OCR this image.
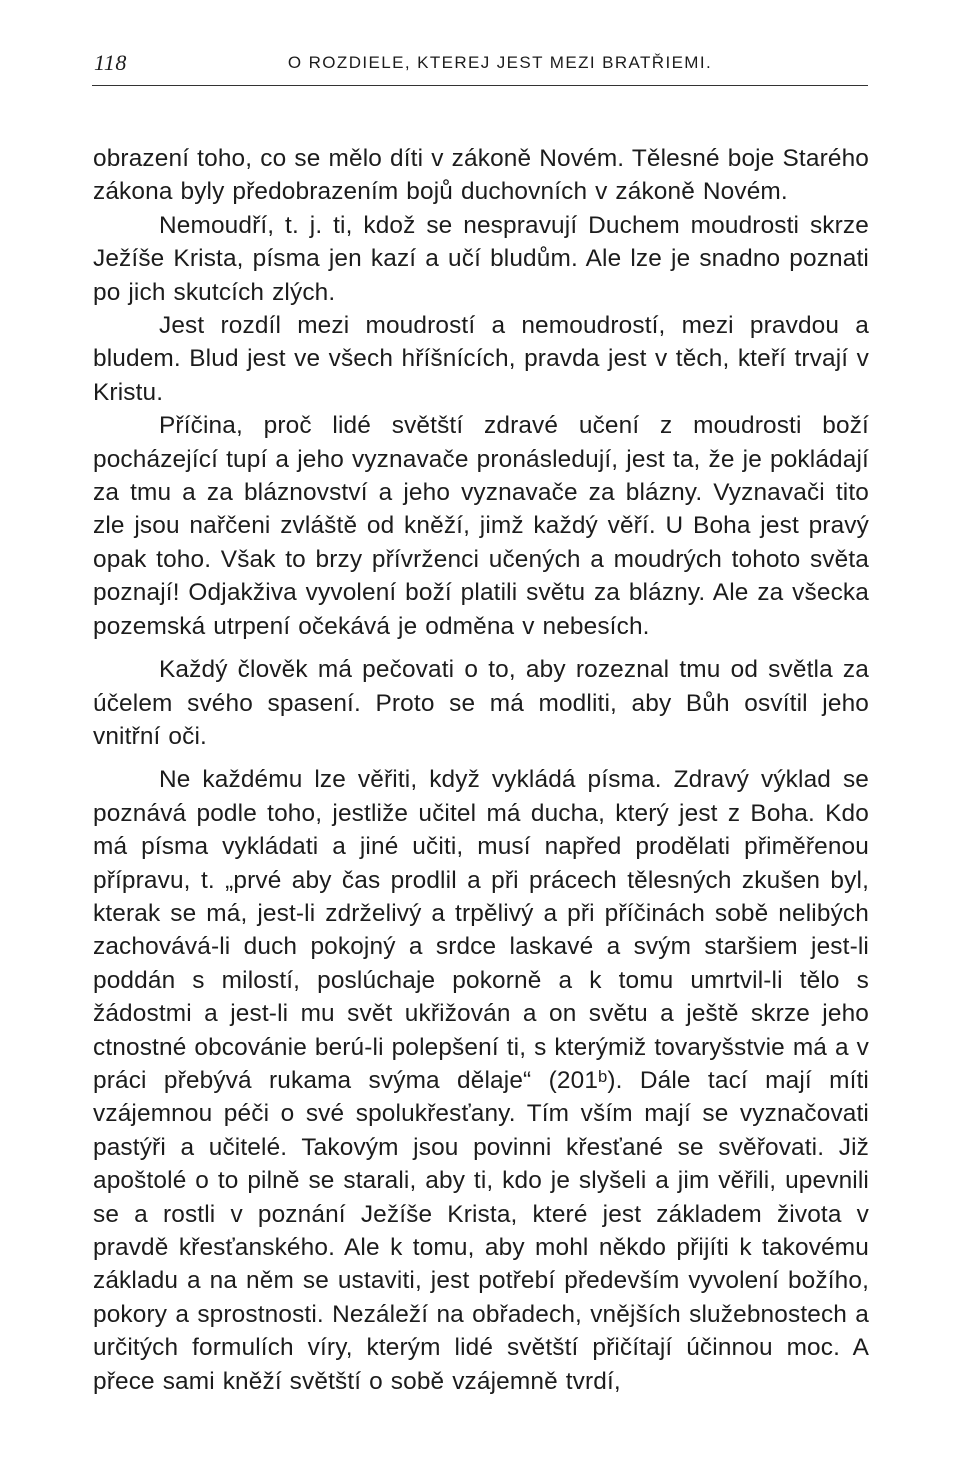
118	O ROZDIELE, KTEREJ JEST MEZI BRATŘIEMI.

obrazení toho, co se mělo díti v zákoně Novém. Tělesné boje Starého zákona byly předobrazením bojů duchovních v zákoně Novém.

Nemoudří, t. j. ti, kdož se nespravují Duchem moudrosti skrze Ježíše Krista, písma jen kazí a učí bludům. Ale lze je snadno poznati po jich skutcích zlých.

Jest rozdíl mezi moudrostí a nemoudrostí, mezi pravdou a bludem. Blud jest ve všech hříšnících, pravda jest v těch, kteří trvají v Kristu.

Příčina, proč lidé světští zdravé učení z moudrosti boží pocházející tupí a jeho vyznavače pronásledují, jest ta, že je pokládají za tmu a za bláznovství a jeho vyznavače za blázny. Vyznavači tito zle jsou nařčeni zvláště od kněží, jimž každý věří. U Boha jest pravý opak toho. Však to brzy přívrženci učených a moudrých tohoto světa poznají! Odjakživa vyvolení boží platili světu za blázny. Ale za všecka pozemská utrpení očekává je odměna v nebesích.

Každý člověk má pečovati o to, aby rozeznal tmu od světla za účelem svého spasení. Proto se má modliti, aby Bůh osvítil jeho vnitřní oči.

Ne každému lze věřiti, když vykládá písma. Zdravý výklad se poznává podle toho, jestliže učitel má ducha, který jest z Boha. Kdo má písma vykládati a jiné učiti, musí napřed prodělati přiměřenou přípravu, t. „prvé aby čas prodlil a při prácech tělesných zkušen byl, kterak se má, jest-li zdrželivý a trpělivý a při příčinách sobě nelibých zachovává-li duch pokojný a srdce laskavé a svým staršiem jest-li poddán s milostí, poslúchaje pokorně a k tomu umrtvil-li tělo s žádostmi a jest-li mu svět ukřižován a on světu a ještě skrze jeho ctnostné obcovánie berú-li polepšení ti, s kterýmiž tovaryšstvie má a v práci přebývá rukama svýma dělaje“ (201ᵇ). Dále tací mají míti vzájemnou péči o své spolukřesťany. Tím vším mají se vyznačovati pastýři a učitelé. Takovým jsou povinni křesťané se svěřovati. Již apoštolé o to pilně se starali, aby ti, kdo je slyšeli a jim věřili, upevnili se a rostli v poznání Ježíše Krista, které jest základem života v pravdě křesťanského. Ale k tomu, aby mohl někdo přijíti k takovému základu a na něm se ustaviti, jest potřebí především vyvolení božího, pokory a sprostnosti. Nezáleží na obřadech, vnějších služebnostech a určitých formulích víry, kterým lidé světští přičítají účinnou moc. A přece sami kněží světští o sobě vzájemně tvrdí,
